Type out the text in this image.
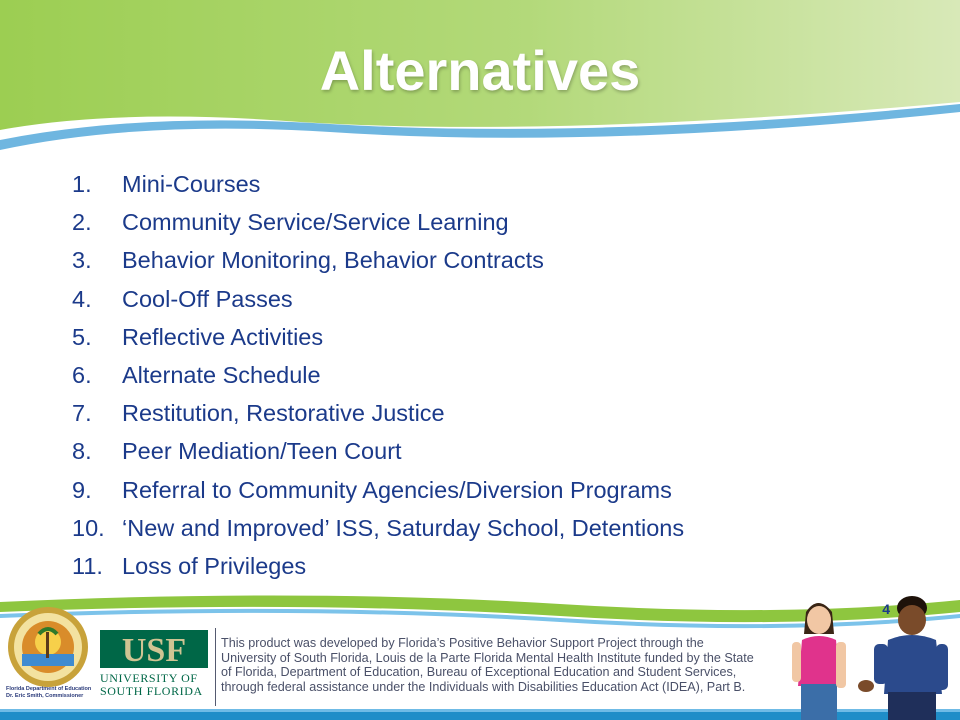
Alternatives
1. Mini-Courses
2. Community Service/Service Learning
3. Behavior Monitoring, Behavior Contracts
4. Cool-Off Passes
5. Reflective Activities
6. Alternate Schedule
7. Restitution, Restorative Justice
8. Peer Mediation/Teen Court
9. Referral to Community Agencies/Diversion Programs
10. ‘New and Improved’ ISS, Saturday School, Detentions
11. Loss of Privileges
4
Florida Department of Education
Dr. Eric Smith, Commissioner
USF
UNIVERSITY OF
SOUTH FLORIDA
This product was developed by Florida’s Positive Behavior Support Project through the
University of South Florida, Louis de la Parte Florida Mental Health Institute funded by the State
of Florida, Department of Education, Bureau of Exceptional Education and Student Services,
through federal assistance under the Individuals with Disabilities Education Act (IDEA), Part B.
